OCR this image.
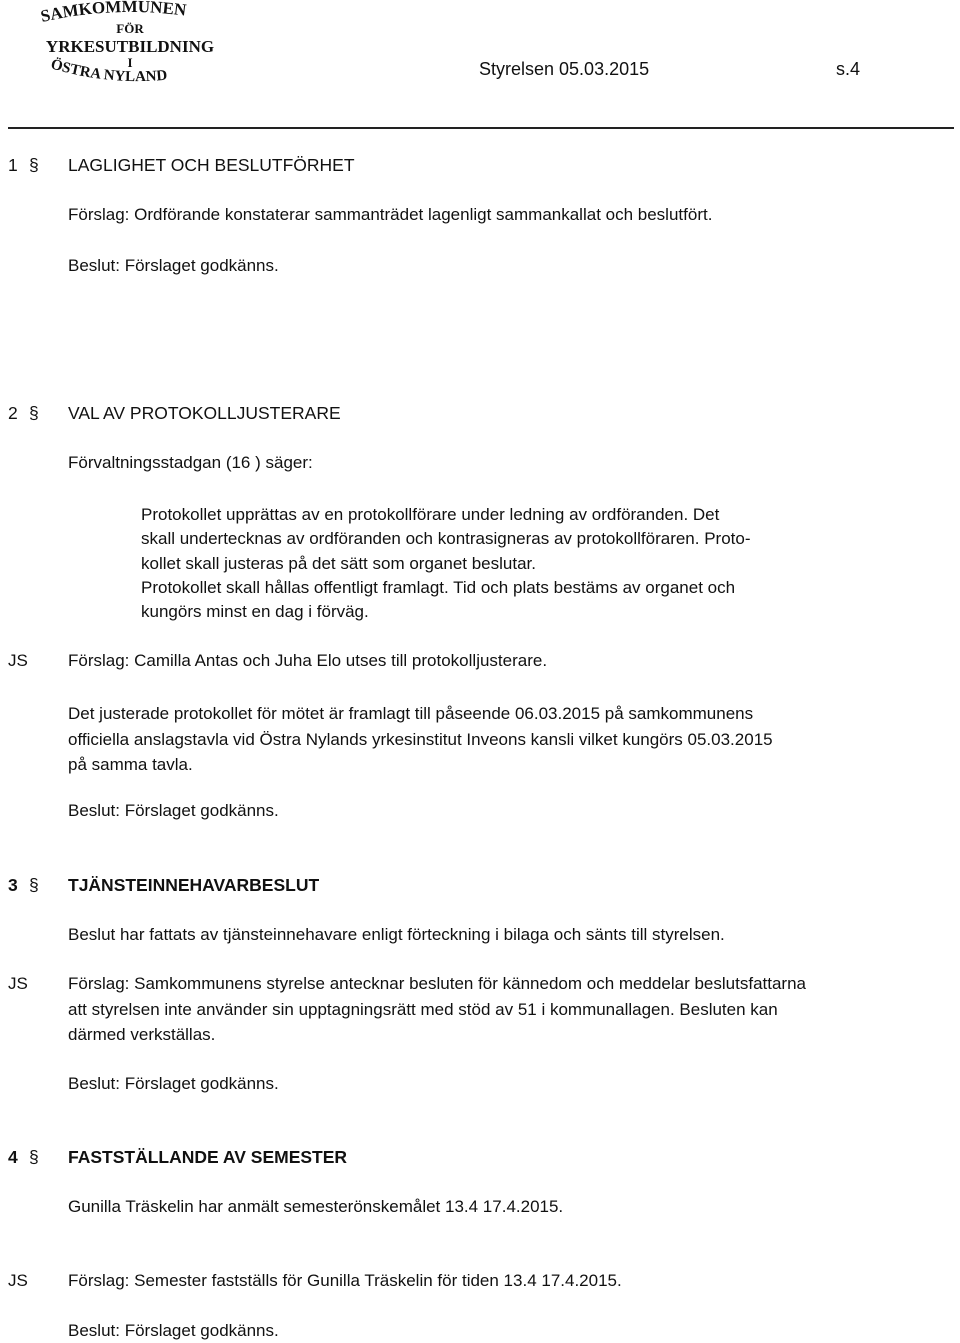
SAMKOMMUNEN
FÖR
YRKESUTBILDNING
I
ÖSTRA NYLAND	Styrelsen 05.03.2015	s.4
1 § LAGLIGHET OCH BESLUTFÖRHET
Förslag: Ordförande konstaterar sammanträdet lagenligt sammankallat och beslutfört.
Beslut: Förslaget godkänns.
2 § VAL AV PROTOKOLLJUSTERARE
Förvaltningsstadgan (16 ) säger:
Protokollet upprättas av en protokollförare under ledning av ordföranden. Det
skall undertecknas av ordföranden och kontrasigneras av protokollföraren. Proto-
kollet skall justeras på det sätt som organet beslutar.
Protokollet skall hållas offentligt framlagt. Tid och plats bestäms av organet och
kungörs minst en dag i förväg.
JS Förslag: Camilla Antas och Juha Elo utses till protokolljusterare.
Det justerade protokollet för mötet är framlagt till påseende 06.03.2015 på samkommunens
officiella anslagstavla vid Östra Nylands yrkesinstitut Inveons kansli vilket kungörs 05.03.2015
på samma tavla.
Beslut: Förslaget godkänns.
3 § TJÄNSTEINNEHAVARBESLUT
Beslut har fattats av tjänsteinnehavare enligt förteckning i bilaga och sänts till styrelsen.
JS Förslag: Samkommunens styrelse antecknar besluten för kännedom och meddelar beslutsfattarna
att styrelsen inte använder sin upptagningsrätt med stöd av 51 i kommunallagen. Besluten kan
därmed verkställas.
Beslut: Förslaget godkänns.
4 § FASTSTÄLLANDE AV SEMESTER
Gunilla Träskelin har anmält semesterönskemålet 13.4 17.4.2015.
JS Förslag: Semester fastställs för Gunilla Träskelin för tiden 13.4 17.4.2015.
Beslut: Förslaget godkänns.
